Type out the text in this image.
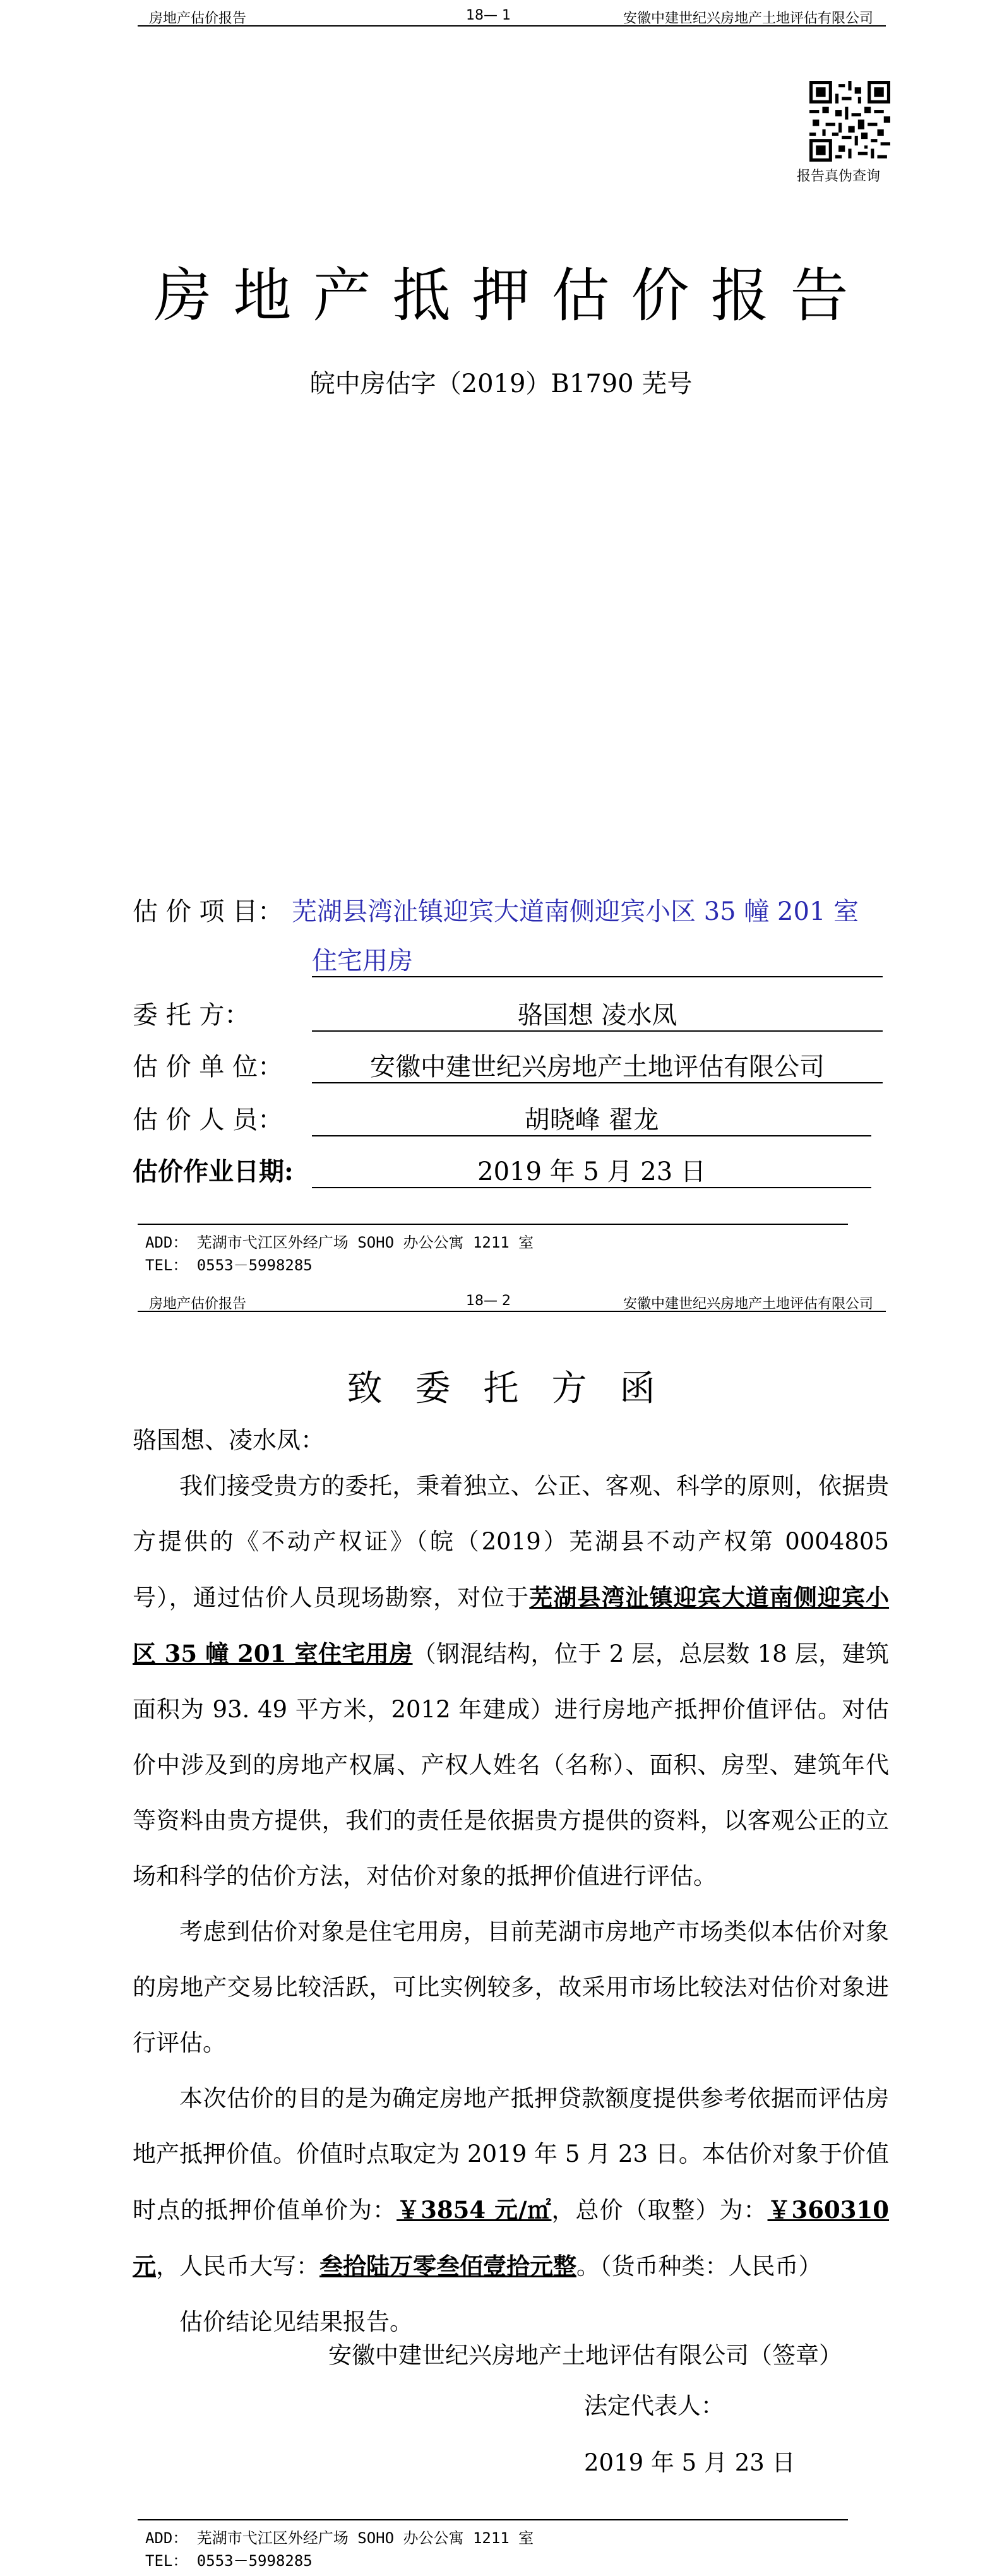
房地产估价报告	18— 1	安徽中建世纪兴房地产土地评估有限公司
报告真伪查询
房地产抵押估价报告
皖中房估字（2019）B1790 芜号
估 价 项 目： 芜湖县湾沚镇迎宾大道南侧迎宾小区 35 幢 201 室
住宅用房
委 托 方：	骆国想 凌水凤
估 价 单 位：	安徽中建世纪兴房地产土地评估有限公司
估 价 人 员：	胡晓峰 翟龙
估价作业日期:	2019 年 5 月 23 日
ADD： 芜湖市弋江区外经广场 SOHO 办公公寓 1211 室
TEL： 0553－5998285
房地产估价报告	18— 2	安徽中建世纪兴房地产土地评估有限公司
致委托方函
骆国想、凌水凤：

我们接受贵方的委托，秉着独立、公正、客观、科学的原则，依据贵方提供的《不动产权证》（皖（2019）芜湖县不动产权第 0004805 号），通过估价人员现场勘察，对位于芜湖县湾沚镇迎宾大道南侧迎宾小区 35 幢 201 室住宅用房（钢混结构，位于 2 层，总层数 18 层，建筑面积为 93. 49 平方米，2012 年建成）进行房地产抵押价值评估。对估价中涉及到的房地产权属、产权人姓名（名称）、面积、房型、建筑年代等资料由贵方提供，我们的责任是依据贵方提供的资料，以客观公正的立场和科学的估价方法，对估价对象的抵押价值进行评估。

考虑到估价对象是住宅用房，目前芜湖市房地产市场类似本估价对象的房地产交易比较活跃，可比实例较多，故采用市场比较法对估价对象进行评估。

本次估价的目的是为确定房地产抵押贷款额度提供参考依据而评估房地产抵押价值。价值时点取定为 2019 年 5 月 23 日。本估价对象于价值时点的抵押价值单价为：￥3854 元/㎡，总价（取整）为：￥360310 元，人民币大写：叁拾陆万零叁佰壹拾元整。（货币种类：人民币）

估价结论见结果报告。

安徽中建世纪兴房地产土地评估有限公司（签章）
法定代表人：
2019 年 5 月 23 日
ADD： 芜湖市弋江区外经广场 SOHO 办公公寓 1211 室
TEL： 0553－5998285
